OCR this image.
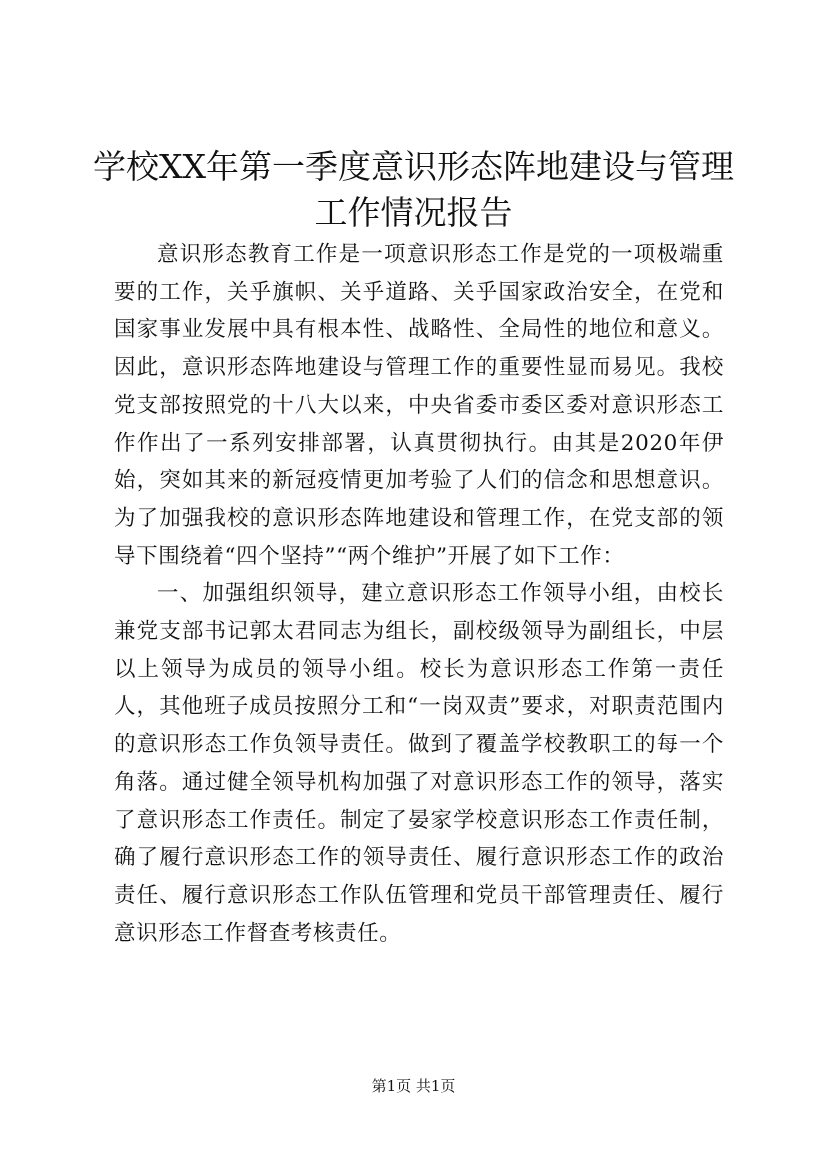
学校XX年第一季度意识形态阵地建设与管理
工作情况报告

意识形态教育工作是一项意识形态工作是党的一项极端重要的工作，关乎旗帜、关乎道路、关乎国家政治安全，在党和国家事业发展中具有根本性、战略性、全局性的地位和意义。因此，意识形态阵地建设与管理工作的重要性显而易见。我校党支部按照党的十八大以来，中央省委市委区委对意识形态工作作出了一系列安排部署，认真贯彻执行。由其是2020年伊始，突如其来的新冠疫情更加考验了人们的信念和思想意识。为了加强我校的意识形态阵地建设和管理工作，在党支部的领导下围绕着“四个坚持”“两个维护”开展了如下工作：

一、加强组织领导，建立意识形态工作领导小组，由校长兼党支部书记郭太君同志为组长，副校级领导为副组长，中层以上领导为成员的领导小组。校长为意识形态工作第一责任人，其他班子成员按照分工和“一岗双责”要求，对职责范围内的意识形态工作负领导责任。做到了覆盖学校教职工的每一个角落。通过健全领导机构加强了对意识形态工作的领导，落实了意识形态工作责任。制定了晏家学校意识形态工作责任制，确了履行意识形态工作的领导责任、履行意识形态工作的政治责任、履行意识形态工作队伍管理和党员干部管理责任、履行意识形态工作督查考核责任。

第1页 共1页
